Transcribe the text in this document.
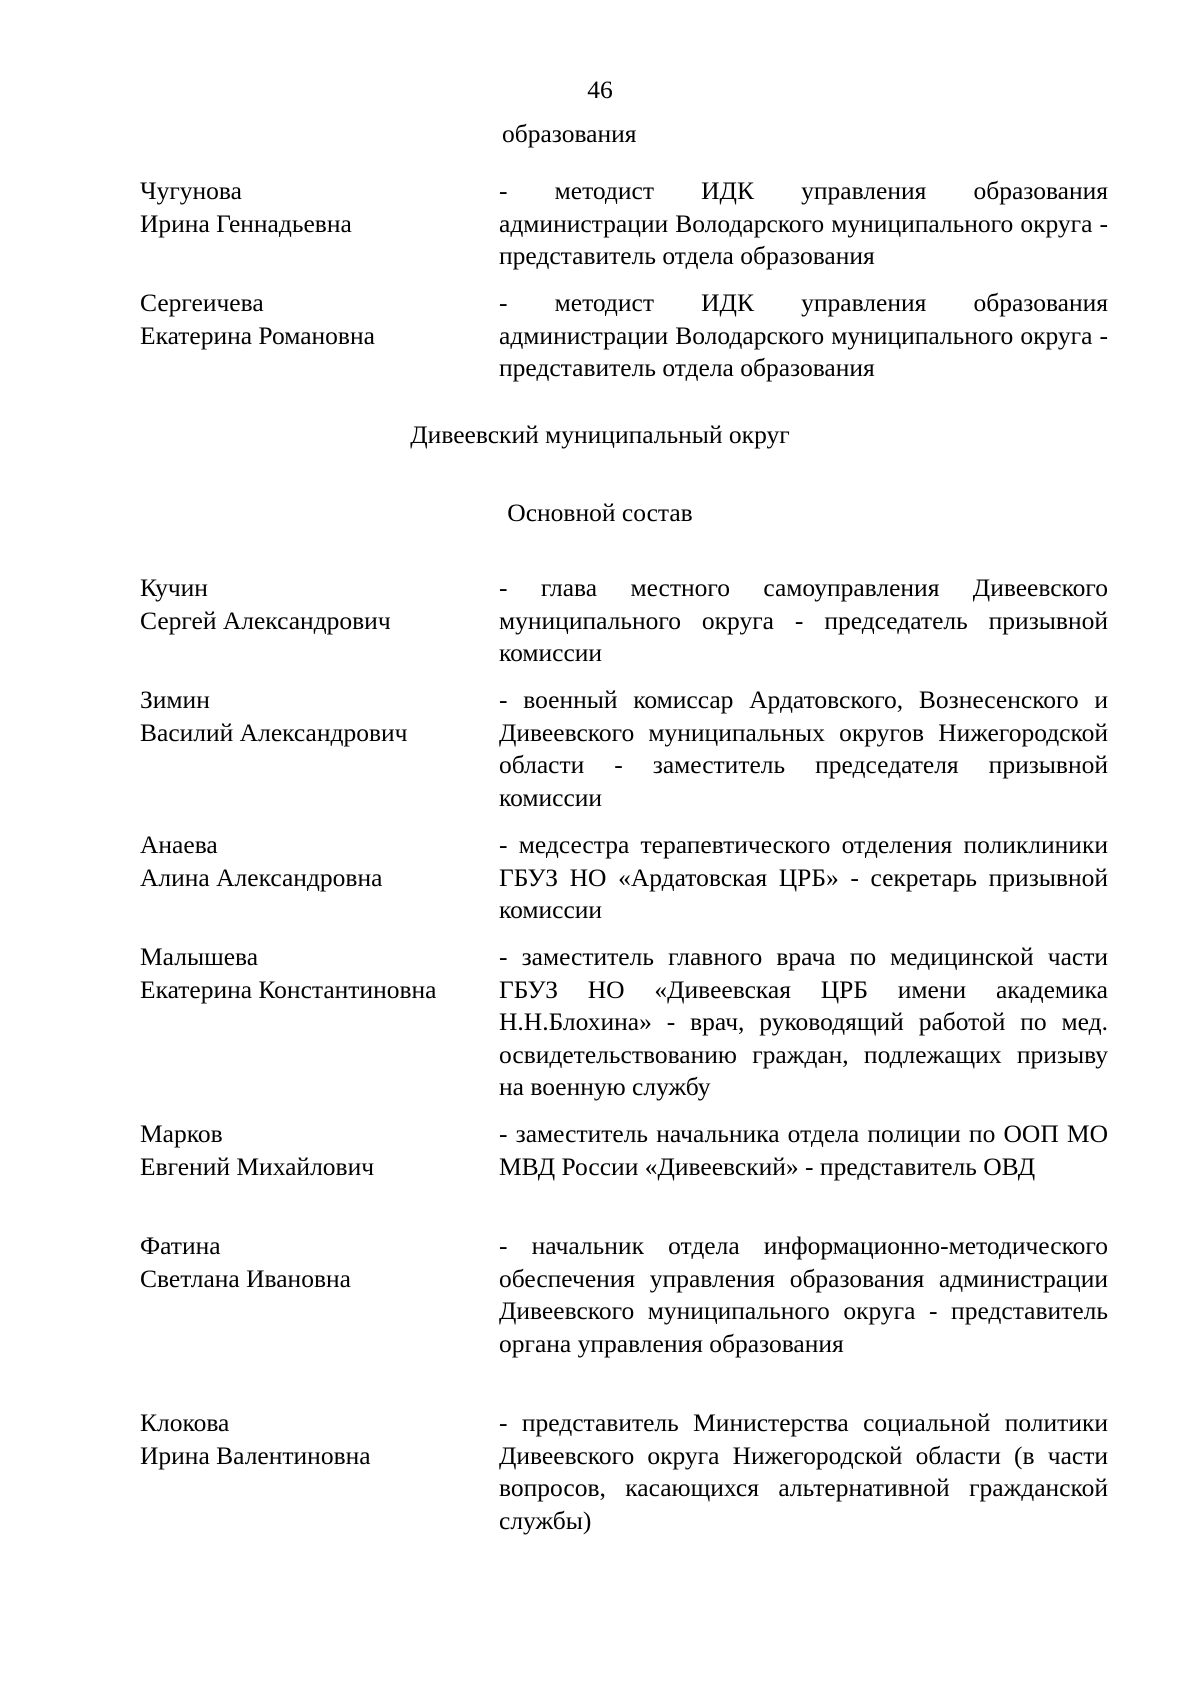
46
образования
Чугунова
Ирина Геннадьевна
- методист ИДК управления образования администрации Володарского муниципального округа - представитель отдела образования
Сергеичева
Екатерина Романовна
- методист ИДК управления образования администрации Володарского муниципального округа - представитель отдела образования
Дивеевский муниципальный округ
Основной состав
Кучин
Сергей Александрович
- глава местного самоуправления Дивеевского муниципального округа - председатель призывной комиссии
Зимин
Василий Александрович
- военный комиссар Ардатовского, Вознесенского и Дивеевского муниципальных округов Нижегородской области - заместитель председателя призывной комиссии
Анаева
Алина Александровна
- медсестра терапевтического отделения поликлиники ГБУЗ НО «Ардатовская ЦРБ» - секретарь призывной комиссии
Малышева
Екатерина Константиновна
- заместитель главного врача по медицинской части ГБУЗ НО «Дивеевская ЦРБ имени академика Н.Н.Блохина» - врач, руководящий работой по мед. освидетельствованию граждан, подлежащих призыву на военную службу
Марков
Евгений Михайлович
- заместитель начальника отдела полиции по ООП МО МВД России «Дивеевский» - представитель ОВД
Фатина
Светлана Ивановна
- начальник отдела информационно-методического обеспечения управления образования администрации Дивеевского муниципального округа - представитель органа управления образования
Клокова
Ирина Валентиновна
- представитель Министерства социальной политики Дивеевского округа Нижегородской области (в части вопросов, касающихся альтернативной гражданской службы)
